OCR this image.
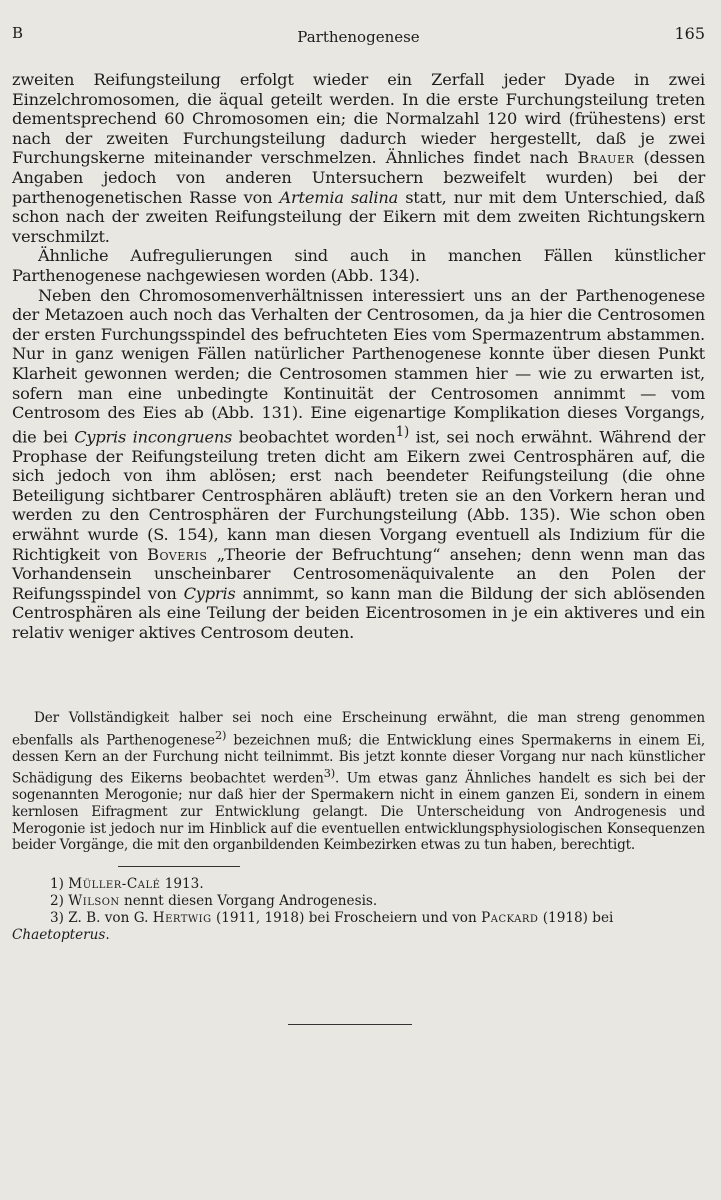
B	Parthenogenese	165

zweiten Reifungsteilung erfolgt wieder ein Zerfall jeder Dyade in zwei Einzelchromosomen, die äqual geteilt werden. In die erste Furchungsteilung treten dementsprechend 60 Chromosomen ein; die Normalzahl 120 wird (frühestens) erst nach der zweiten Furchungsteilung dadurch wieder hergestellt, daß je zwei Furchungskerne miteinander verschmelzen. Ähnliches findet nach Brauer (dessen Angaben jedoch von anderen Untersuchern bezweifelt wurden) bei der parthenogenetischen Rasse von Artemia salina statt, nur mit dem Unterschied, daß schon nach der zweiten Reifungsteilung der Eikern mit dem zweiten Richtungskern verschmilzt.

Ähnliche Aufregulierungen sind auch in manchen Fällen künstlicher Parthenogenese nachgewiesen worden (Abb. 134).

Neben den Chromosomenverhältnissen interessiert uns an der Parthenogenese der Metazoen auch noch das Verhalten der Centrosomen, da ja hier die Centrosomen der ersten Furchungsspindel des befruchteten Eies vom Spermazentrum abstammen. Nur in ganz wenigen Fällen natürlicher Parthenogenese konnte über diesen Punkt Klarheit gewonnen werden; die Centrosomen stammen hier — wie zu erwarten ist, sofern man eine unbedingte Kontinuität der Centrosomen annimmt — vom Centrosom des Eies ab (Abb. 131). Eine eigenartige Komplikation dieses Vorgangs, die bei Cypris incongruens beobachtet worden$^{1)}$ ist, sei noch erwähnt. Während der Prophase der Reifungsteilung treten dicht am Eikern zwei Centrosphären auf, die sich jedoch von ihm ablösen; erst nach beendeter Reifungsteilung (die ohne Beteiligung sichtbarer Centrosphären abläuft) treten sie an den Vorkern heran und werden zu den Centrosphären der Furchungsteilung (Abb. 135). Wie schon oben erwähnt wurde (S. 154), kann man diesen Vorgang eventuell als Indizium für die Richtigkeit von Boveris „Theorie der Befruchtung“ ansehen; denn wenn man das Vorhandensein unscheinbarer Centrosomenäquivalente an den Polen der Reifungsspindel von Cypris annimmt, so kann man die Bildung der sich ablösenden Centrosphären als eine Teilung der beiden Eicentrosomen in je ein aktiveres und ein relativ weniger aktives Centrosom deuten.

Der Vollständigkeit halber sei noch eine Erscheinung erwähnt, die man streng genommen ebenfalls als Parthenogenese$^{2)}$ bezeichnen muß; die Entwicklung eines Spermakerns in einem Ei, dessen Kern an der Furchung nicht teilnimmt. Bis jetzt konnte dieser Vorgang nur nach künstlicher Schädigung des Eikerns beobachtet werden$^{3)}$. Um etwas ganz Ähnliches handelt es sich bei der sogenannten Merogonie; nur daß hier der Spermakern nicht in einem ganzen Ei, sondern in einem kernlosen Eifragment zur Entwicklung gelangt. Die Unterscheidung von Androgenesis und Merogonie ist jedoch nur im Hinblick auf die eventuellen entwicklungsphysiologischen Konsequenzen beider Vorgänge, die mit den organbildenden Keimbezirken etwas zu tun haben, berechtigt.

1) Müller-Calé 1913.

2) Wilson nennt diesen Vorgang Androgenesis.

3) Z. B. von G. Hertwig (1911, 1918) bei Froscheiern und von Packard (1918) bei

Chaetopterus.
